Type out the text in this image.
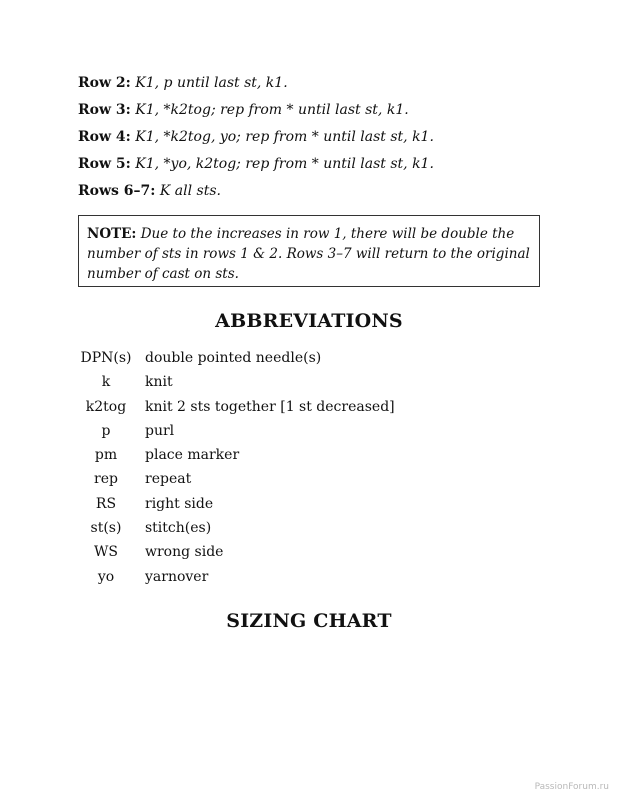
Row 2: K1, p until last st, k1.
Row 3: K1, *k2tog; rep from * until last st, k1.
Row 4: K1, *k2tog, yo; rep from * until last st, k1.
Row 5: K1, *yo, k2tog; rep from * until last st, k1.
Rows 6–7: K all sts.
NOTE: Due to the increases in row 1, there will be double the number of sts in rows 1 & 2. Rows 3–7 will return to the original number of cast on sts.
ABBREVIATIONS
DPN(s) double pointed needle(s)
k knit
k2tog knit 2 sts together [1 st decreased]
p purl
pm place marker
rep repeat
RS right side
st(s) stitch(es)
WS wrong side
yo yarnover
SIZING CHART
PassionForum.ru
